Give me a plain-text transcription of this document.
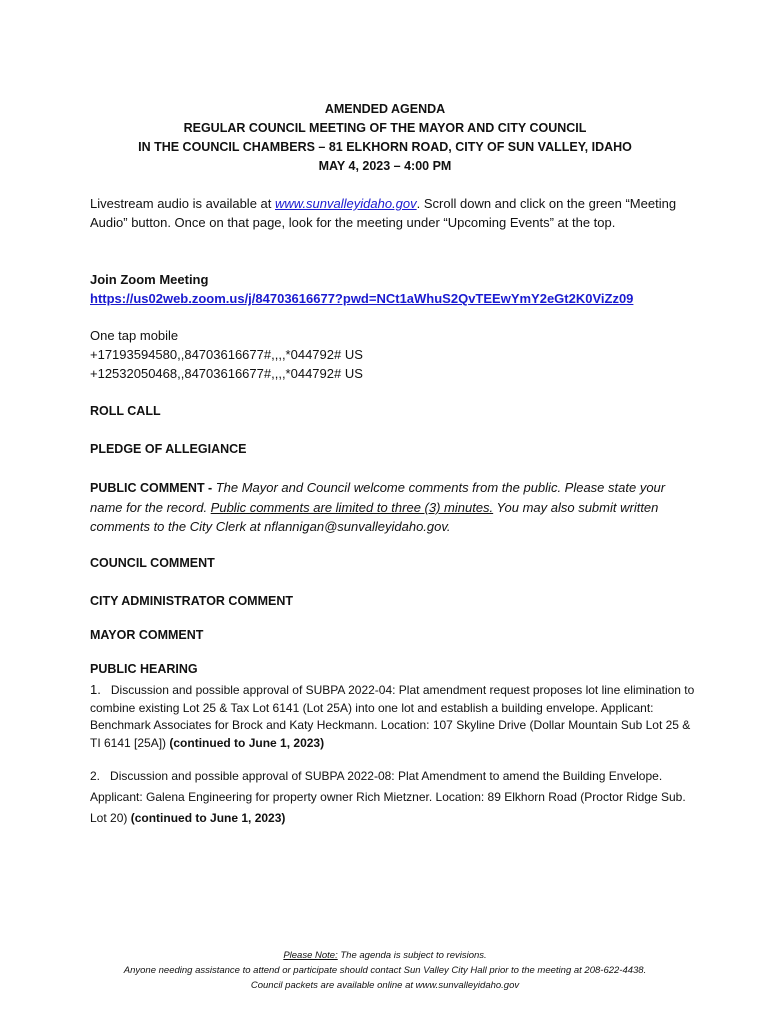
AMENDED AGENDA
REGULAR COUNCIL MEETING OF THE MAYOR AND CITY COUNCIL
IN THE COUNCIL CHAMBERS – 81 ELKHORN ROAD, CITY OF SUN VALLEY, IDAHO
MAY 4, 2023 – 4:00 PM
Livestream audio is available at www.sunvalleyidaho.gov. Scroll down and click on the green “Meeting Audio” button. Once on that page, look for the meeting under “Upcoming Events” at the top.
Join Zoom Meeting
https://us02web.zoom.us/j/84703616677?pwd=NCt1aWhuS2QvTEEwYmY2eGt2K0ViZz09
One tap mobile
+17193594580,,84703616677#,,,,*044792# US
+12532050468,,84703616677#,,,,*044792# US
ROLL CALL
PLEDGE OF ALLEGIANCE
PUBLIC COMMENT - The Mayor and Council welcome comments from the public. Please state your name for the record. Public comments are limited to three (3) minutes. You may also submit written comments to the City Clerk at nflannigan@sunvalleyidaho.gov.
COUNCIL COMMENT
CITY ADMINISTRATOR COMMENT
MAYOR COMMENT
PUBLIC HEARING
1. Discussion and possible approval of SUBPA 2022-04: Plat amendment request proposes lot line elimination to combine existing Lot 25 & Tax Lot 6141 (Lot 25A) into one lot and establish a building envelope. Applicant: Benchmark Associates for Brock and Katy Heckmann. Location: 107 Skyline Drive (Dollar Mountain Sub Lot 25 & TI 6141 [25A]) (continued to June 1, 2023)
2. Discussion and possible approval of SUBPA 2022-08: Plat Amendment to amend the Building Envelope. Applicant: Galena Engineering for property owner Rich Mietzner. Location: 89 Elkhorn Road (Proctor Ridge Sub. Lot 20) (continued to June 1, 2023)
Please Note: The agenda is subject to revisions.
Anyone needing assistance to attend or participate should contact Sun Valley City Hall prior to the meeting at 208-622-4438.
Council packets are available online at www.sunvalleyidaho.gov
